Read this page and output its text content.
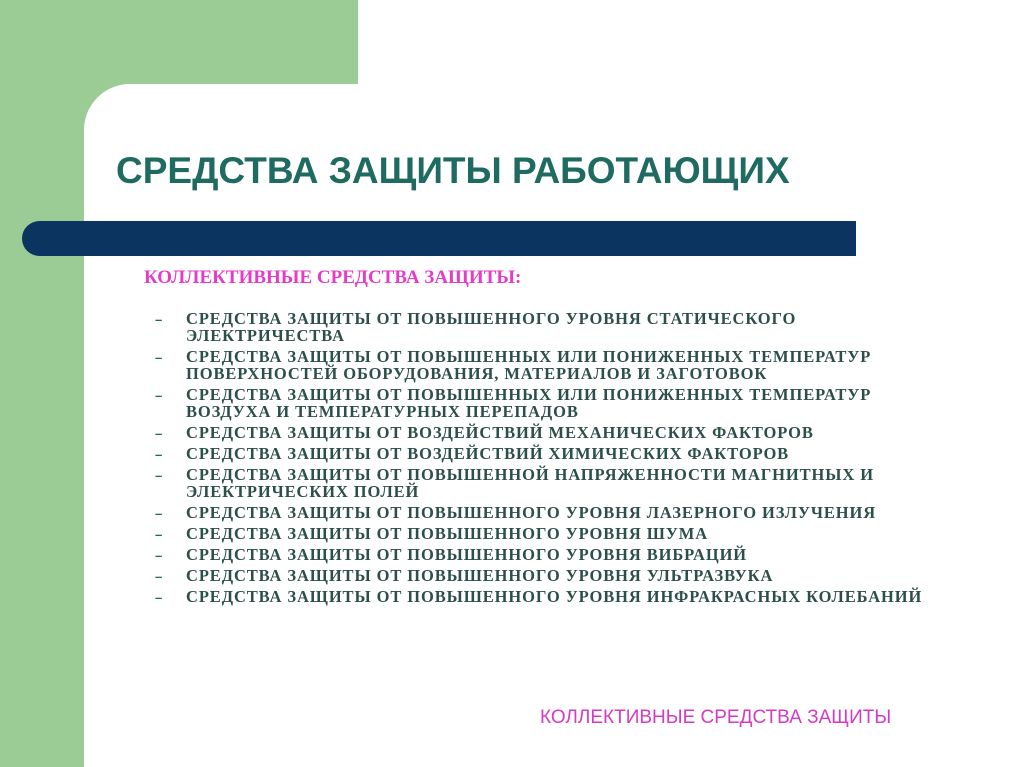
СРЕДСТВА ЗАЩИТЫ РАБОТАЮЩИХ
КОЛЛЕКТИВНЫЕ СРЕДСТВА ЗАЩИТЫ:
– СРЕДСТВА ЗАЩИТЫ ОТ ПОВЫШЕННОГО УРОВНЯ СТАТИЧЕСКОГО ЭЛЕКТРИЧЕСТВА
– СРЕДСТВА ЗАЩИТЫ ОТ ПОВЫШЕННЫХ ИЛИ ПОНИЖЕННЫХ ТЕМПЕРАТУР ПОВЕРХНОСТЕЙ ОБОРУДОВАНИЯ, МАТЕРИАЛОВ И ЗАГОТОВОК
– СРЕДСТВА ЗАЩИТЫ ОТ ПОВЫШЕННЫХ ИЛИ ПОНИЖЕННЫХ ТЕМПЕРАТУР ВОЗДУХА И ТЕМПЕРАТУРНЫХ ПЕРЕПАДОВ
– СРЕДСТВА ЗАЩИТЫ ОТ ВОЗДЕЙСТВИЙ МЕХАНИЧЕСКИХ ФАКТОРОВ
– СРЕДСТВА ЗАЩИТЫ ОТ ВОЗДЕЙСТВИЙ ХИМИЧЕСКИХ ФАКТОРОВ
– СРЕДСТВА ЗАЩИТЫ ОТ ПОВЫШЕННОЙ НАПРЯЖЕННОСТИ МАГНИТНЫХ И ЭЛЕКТРИЧЕСКИХ ПОЛЕЙ
– СРЕДСТВА ЗАЩИТЫ ОТ ПОВЫШЕННОГО УРОВНЯ ЛАЗЕРНОГО ИЗЛУЧЕНИЯ
– СРЕДСТВА ЗАЩИТЫ ОТ ПОВЫШЕННОГО УРОВНЯ ШУМА
– СРЕДСТВА ЗАЩИТЫ ОТ ПОВЫШЕННОГО УРОВНЯ ВИБРАЦИЙ
– СРЕДСТВА ЗАЩИТЫ ОТ ПОВЫШЕННОГО УРОВНЯ УЛЬТРАЗВУКА
– СРЕДСТВА ЗАЩИТЫ ОТ ПОВЫШЕННОГО УРОВНЯ ИНФРАКРАСНЫХ КОЛЕБАНИЙ

КОЛЛЕКТИВНЫЕ СРЕДСТВА ЗАЩИТЫ
